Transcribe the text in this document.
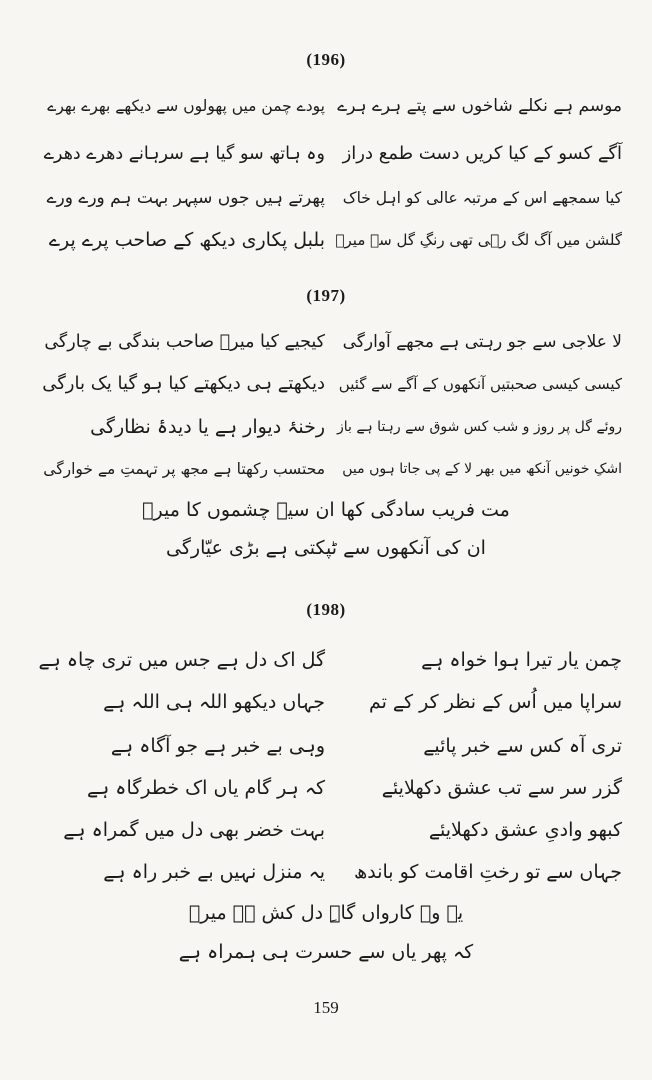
(196)
موسم ہے نکلے شاخوں سے پتے ہرے ہرے
پودے چمن میں پھولوں سے دیکھے بھرے بھرے
آگے کسو کے کیا کریں دست طمع دراز
وہ ہاتھ سو گیا ہے سرہانے دھرے دھرے
کیا سمجھے اس کے مرتبہ عالی کو اہل خاک
پھرتے ہیں جوں سپہر بہت ہم ورے ورے
گلشن میں آگ لگ رہی تھی رنگِ گل سے میرؔ
بلبل پکاری دیکھ کے صاحب پرے پرے
(197)
لا علاجی سے جو رہتی ہے مجھے آوارگی
کیجیے کیا میرؔ صاحب بندگی بے چارگی
کیسی کیسی صحبتیں آنکھوں کے آگے سے گئیں
دیکھتے ہی دیکھتے کیا ہو گیا یک بارگی
روئے گل پر روز و شب کس شوق سے رہتا ہے باز
رخنۂ دیوار ہے یا دیدۂ نظارگی
اشکِ خونیں آنکھ میں بھر لا کے پی جاتا ہوں میں
محتسب رکھتا ہے مجھ پر تہمتِ مے خوارگی
مت فریب سادگی کھا ان سیہ چشموں کا میرؔ
ان کی آنکھوں سے ٹپکتی ہے بڑی عیّارگی
(198)
چمن یار تیرا ہوا خواہ ہے
گل اک دل ہے جس میں تری چاہ ہے
سراپا میں اُس کے نظر کر کے تم
جہاں دیکھو اللہ ہی اللہ ہے
تری آہ کس سے خبر پائیے
وہی بے خبر ہے جو آگاہ ہے
گزر سر سے تب عشق دکھلایئے
کہ ہر گام یاں اک خطرگاہ ہے
کبھو وادیِ عشق دکھلایئے
بہت خضر بھی دل میں گمراہ ہے
جہاں سے تو رختِ اقامت کو باندھ
یہ منزل نہیں بے خبر راہ ہے
یہ وہ کارواں گاہِ دل کش ہے میرؔ
کہ پھر یاں سے حسرت ہی ہمراہ ہے
159
